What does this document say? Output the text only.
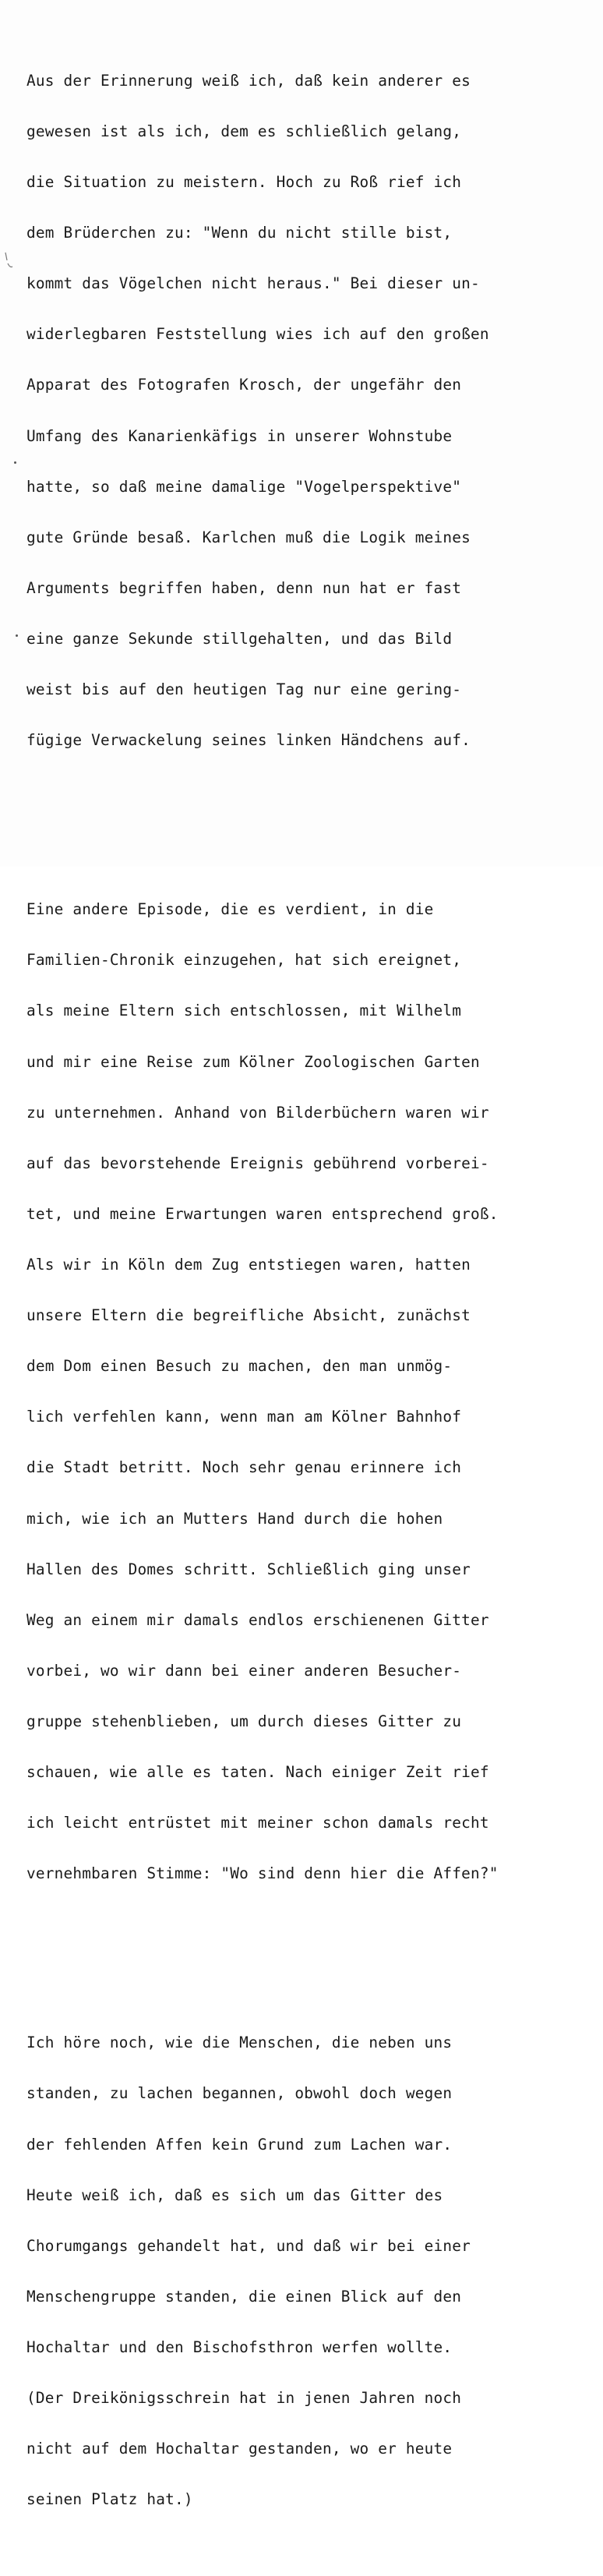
Aus der Erinnerung weiß ich, daß kein anderer es

gewesen ist als ich, dem es schließlich gelang,

die Situation zu meistern. Hoch zu Roß rief ich

dem Brüderchen zu: "Wenn du nicht stille bist,

kommt das Vögelchen nicht heraus." Bei dieser un-

widerlegbaren Feststellung wies ich auf den großen

Apparat des Fotografen Krosch, der ungefähr den

Umfang des Kanarienkäfigs in unserer Wohnstube

hatte, so daß meine damalige "Vogelperspektive"

gute Gründe besaß. Karlchen muß die Logik meines

Arguments begriffen haben, denn nun hat er fast

eine ganze Sekunde stillgehalten, und das Bild

weist bis auf den heutigen Tag nur eine gering-

fügige Verwackelung seines linken Händchens auf.

Eine andere Episode, die es verdient, in die

Familien-Chronik einzugehen, hat sich ereignet,

als meine Eltern sich entschlossen, mit Wilhelm

und mir eine Reise zum Kölner Zoologischen Garten

zu unternehmen. Anhand von Bilderbüchern waren wir

auf das bevorstehende Ereignis gebührend vorberei-

tet, und meine Erwartungen waren entsprechend groß.

Als wir in Köln dem Zug entstiegen waren, hatten

unsere Eltern die begreifliche Absicht, zunächst

dem Dom einen Besuch zu machen, den man unmög-

lich verfehlen kann, wenn man am Kölner Bahnhof

die Stadt betritt. Noch sehr genau erinnere ich

mich, wie ich an Mutters Hand durch die hohen

Hallen des Domes schritt. Schließlich ging unser

Weg an einem mir damals endlos erschienenen Gitter

vorbei, wo wir dann bei einer anderen Besucher-

gruppe stehenblieben, um durch dieses Gitter zu

schauen, wie alle es taten. Nach einiger Zeit rief

ich leicht entrüstet mit meiner schon damals recht

vernehmbaren Stimme: "Wo sind denn hier die Affen?"

Ich höre noch, wie die Menschen, die neben uns

standen, zu lachen begannen, obwohl doch wegen

der fehlenden Affen kein Grund zum Lachen war.

Heute weiß ich, daß es sich um das Gitter des

Chorumgangs gehandelt hat, und daß wir bei einer

Menschengruppe standen, die einen Blick auf den

Hochaltar und den Bischofsthron werfen wollte.

(Der Dreikönigsschrein hat in jenen Jahren noch

nicht auf dem Hochaltar gestanden, wo er heute

seinen Platz hat.)
